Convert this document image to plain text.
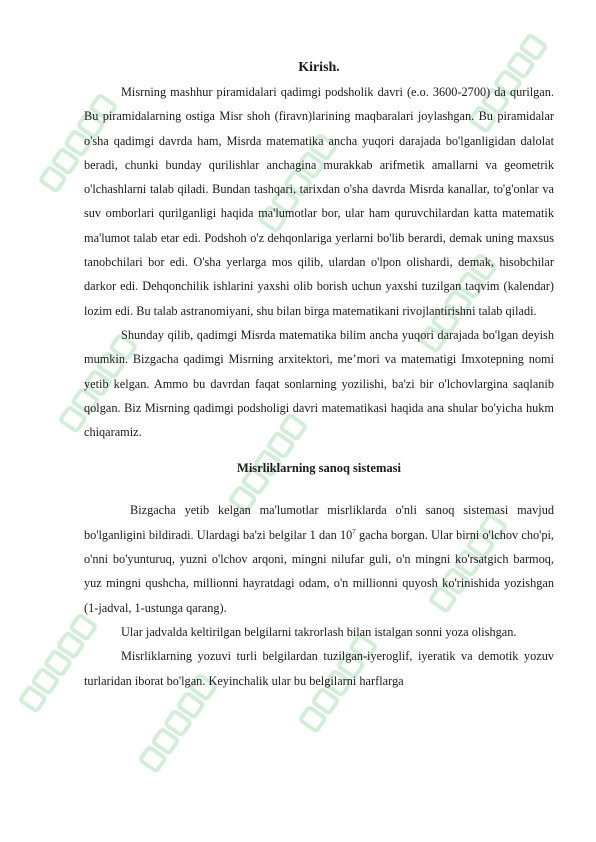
Kirish.

Misrning mashhur piramidalari qadimgi podsholik davri (e.o. 3600-2700) da qurilgan. Bu piramidalarning ostiga Misr shoh (firavn)larining maqbaralari joylashgan. Bu piramidalar o'sha qadimgi davrda ham, Misrda matematika ancha yuqori darajada bo'lganligidan dalolat beradi, chunki bunday qurilishlar anchagina murakkab arifmetik amallarni va geometrik o'lchashlarni talab qiladi. Bundan tashqari, tarixdan o'sha davrda Misrda kanallar, to'g'onlar va suv omborlari qurilganligi haqida ma'lumotlar bor, ular ham quruvchilardan katta matematik ma'lumot talab etar edi. Podshoh o'z dehqonlariga yerlarni bo'lib berardi, demak uning maxsus tanobchilari bor edi. O'sha yerlarga mos qilib, ulardan o'lpon olishardi, demak, hisobchilar darkor edi. Dehqonchilik ishlarini yaxshi olib borish uchun yaxshi tuzilgan taqvim (kalendar) lozim edi. Bu talab astranomiyani, shu bilan birga matematikani rivojlantirishni talab qiladi.

Shunday qilib, qadimgi Misrda matematika bilim ancha yuqori darajada bo'lgan deyish mumkin. Bizgacha qadimgi Misrning arxitektori, me’mori va matematigi Imxotepning nomi yetib kelgan. Ammo bu davrdan faqat sonlarning yozilishi, ba'zi bir o'lchovlargina saqlanib qolgan. Biz Misrning qadimgi podsholigi davri matematikasi haqida ana shular bo'yicha hukm chiqaramiz.

Misrliklarning sanoq sistemasi

Bizgacha yetib kelgan ma'lumotlar misrliklarda o'nli sanoq sistemasi mavjud bo'lganligini bildiradi. Ulardagi ba'zi belgilar 1 dan $10^7$ gacha borgan. Ular birni o'lchov cho'pi, o'nni bo'yunturuq, yuzni o'lchov arqoni, mingni nilufar guli, o'n mingni ko'rsatgich barmoq, yuz mingni qushcha, millionni hayratdagi odam, o'n millionni quyosh ko'rinishida yozishgan (1-jadval, 1-ustunga qarang).

Ular jadvalda keltirilgan belgilarni takrorlash bilan istalgan sonni yoza olishgan.

Misrliklarning yozuvi turli belgilardan tuzilgan-iyeroglif, iyeratik va demotik yozuv turlaridan iborat bo'lgan. Keyinchalik ular bu belgilarni harflarga
